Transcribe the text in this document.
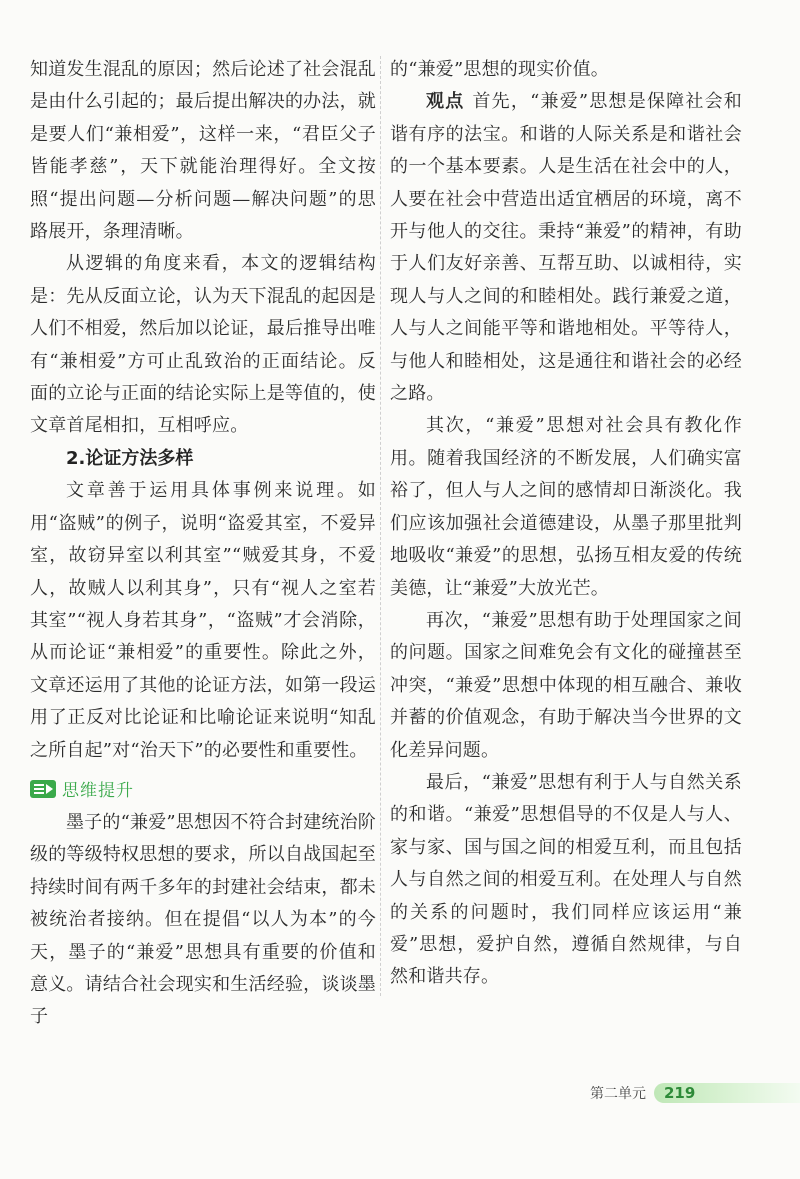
知道发生混乱的原因；然后论述了社会混乱是由什么引起的；最后提出解决的办法，就是要人们“兼相爱”，这样一来，“君臣父子皆能孝慈”，天下就能治理得好。全文按照“提出问题—分析问题—解决问题”的思路展开，条理清晰。

从逻辑的角度来看，本文的逻辑结构是：先从反面立论，认为天下混乱的起因是人们不相爱，然后加以论证，最后推导出唯有“兼相爱”方可止乱致治的正面结论。反面的立论与正面的结论实际上是等值的，使文章首尾相扣，互相呼应。

2.论证方法多样

文章善于运用具体事例来说理。如用“盗贼”的例子，说明“盗爱其室，不爱异室，故窃异室以利其室”“贼爱其身，不爱人，故贼人以利其身”，只有“视人之室若其室”“视人身若其身”，“盗贼”才会消除，从而论证“兼相爱”的重要性。除此之外，文章还运用了其他的论证方法，如第一段运用了正反对比论证和比喻论证来说明“知乱之所自起”对“治天下”的必要性和重要性。

思维提升

墨子的“兼爱”思想因不符合封建统治阶级的等级特权思想的要求，所以自战国起至持续时间有两千多年的封建社会结束，都未被统治者接纳。但在提倡“以人为本”的今天，墨子的“兼爱”思想具有重要的价值和意义。请结合社会现实和生活经验，谈谈墨子

的“兼爱”思想的现实价值。

观点 首先，“兼爱”思想是保障社会和谐有序的法宝。和谐的人际关系是和谐社会的一个基本要素。人是生活在社会中的人，人要在社会中营造出适宜栖居的环境，离不开与他人的交往。秉持“兼爱”的精神，有助于人们友好亲善、互帮互助、以诚相待，实现人与人之间的和睦相处。践行兼爱之道，人与人之间能平等和谐地相处。平等待人，与他人和睦相处，这是通往和谐社会的必经之路。

其次，“兼爱”思想对社会具有教化作用。随着我国经济的不断发展，人们确实富裕了，但人与人之间的感情却日渐淡化。我们应该加强社会道德建设，从墨子那里批判地吸收“兼爱”的思想，弘扬互相友爱的传统美德，让“兼爱”大放光芒。

再次，“兼爱”思想有助于处理国家之间的问题。国家之间难免会有文化的碰撞甚至冲突，“兼爱”思想中体现的相互融合、兼收并蓄的价值观念，有助于解决当今世界的文化差异问题。

最后，“兼爱”思想有利于人与自然关系的和谐。“兼爱”思想倡导的不仅是人与人、家与家、国与国之间的相爱互利，而且包括人与自然之间的相爱互利。在处理人与自然的关系的问题时，我们同样应该运用“兼爱”思想，爱护自然，遵循自然规律，与自然和谐共存。

第二单元 219
